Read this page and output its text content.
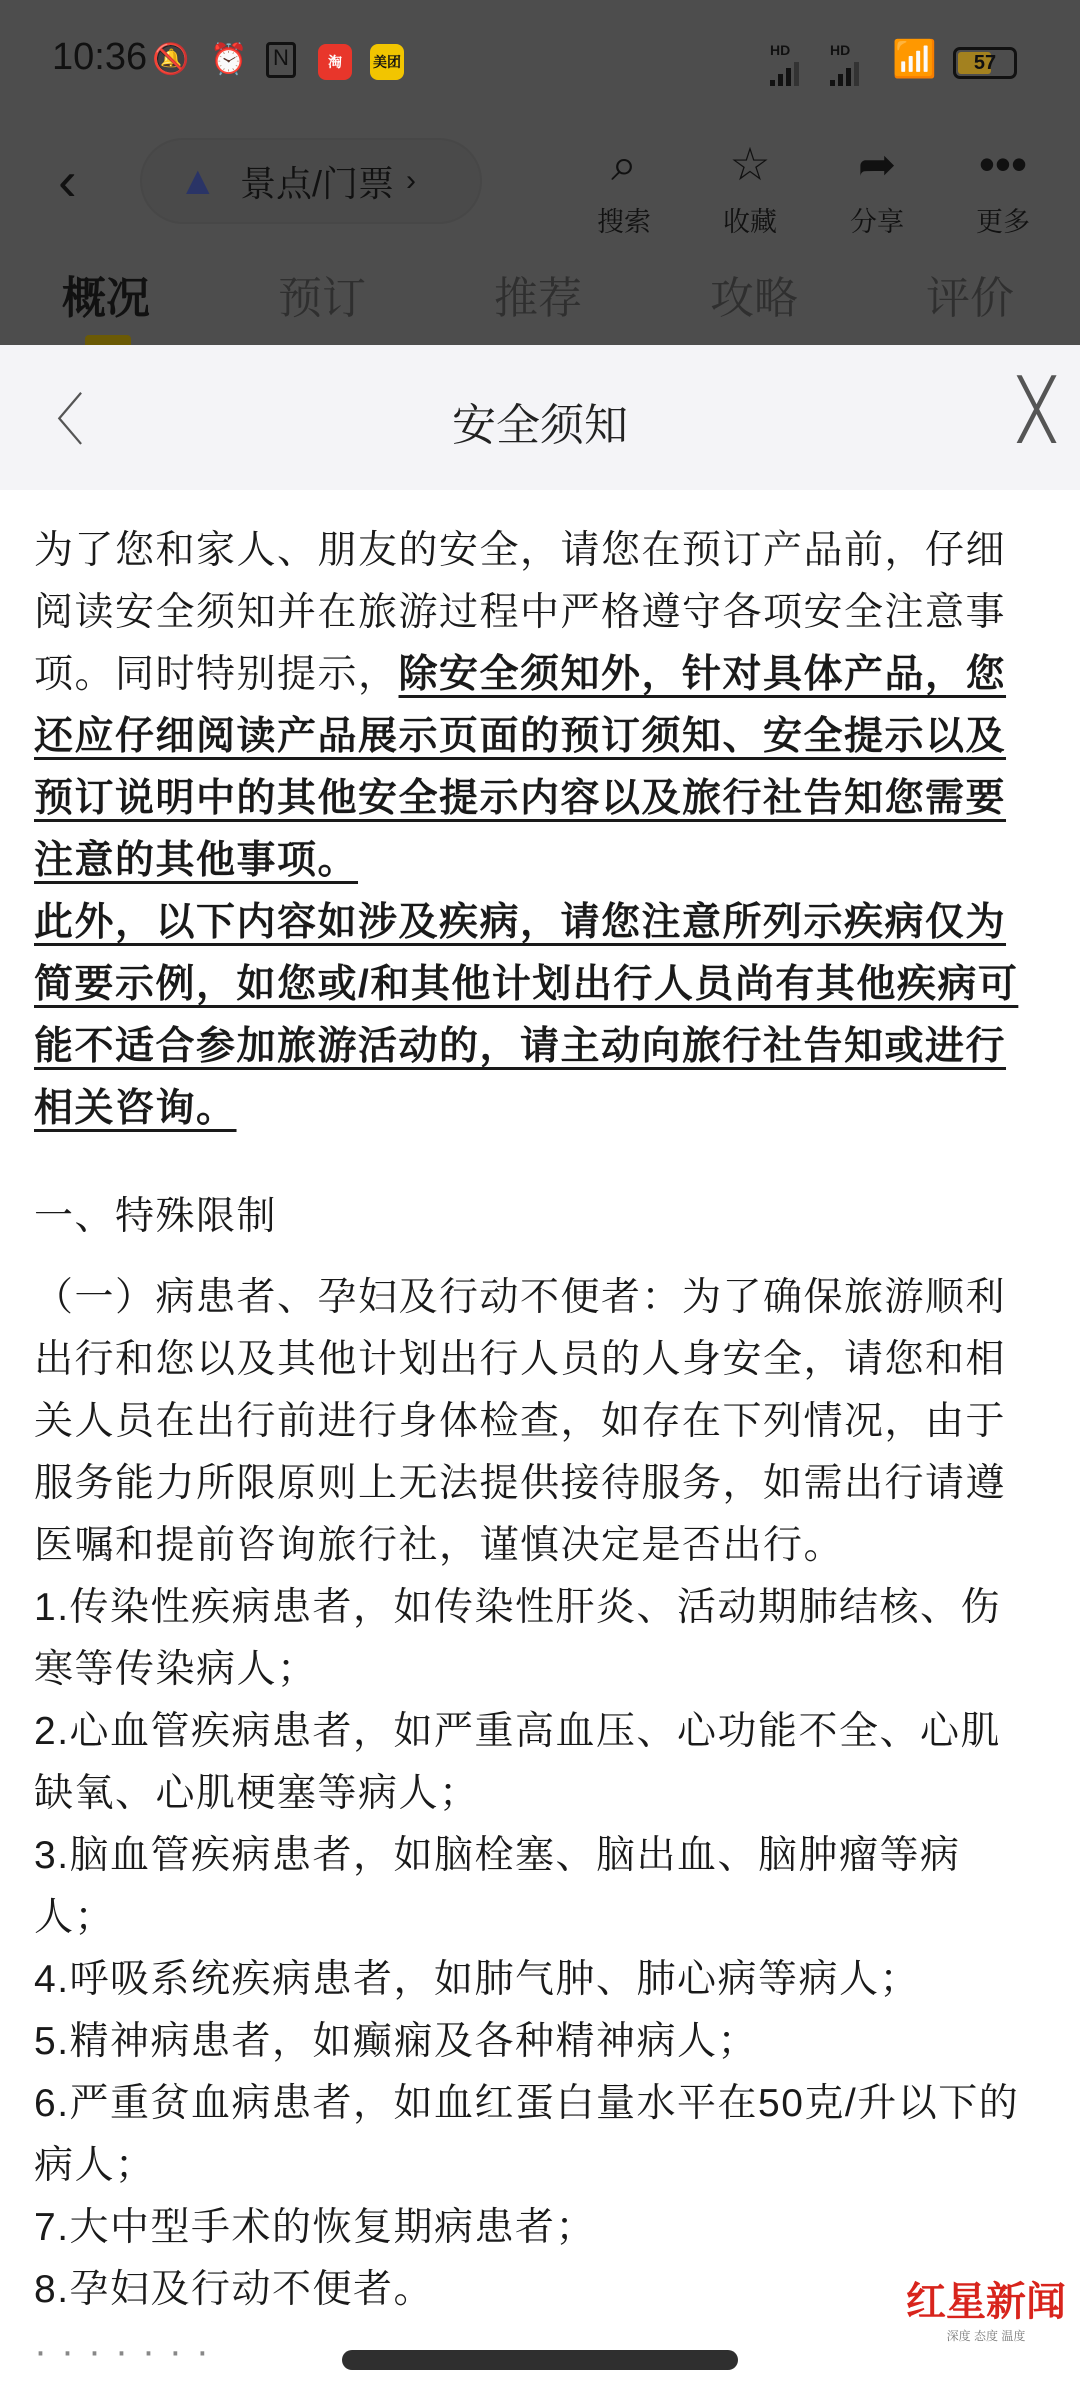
10:36 🔕 ⏰	N	淘	美团
HD	HD 📶	57
‹	▲ 景点/门票 ›	⌕
搜索
☆
收藏
➦
分享
•••
更多
概况	预订	推荐	攻略	评价
〈	安全须知	╳
为了您和家人、朋友的安全，请您在预订产品前，仔细
阅读安全须知并在旅游过程中严格遵守各项安全注意事
项。同时特别提示，除安全须知外，针对具体产品，您
还应仔细阅读产品展示页面的预订须知、安全提示以及
预订说明中的其他安全提示内容以及旅行社告知您需要
注意的其他事项。
此外，以下内容如涉及疾病，请您注意所列示疾病仅为
简要示例，如您或/和其他计划出行人员尚有其他疾病可
能不适合参加旅游活动的，请主动向旅行社告知或进行
相关咨询。
一、特殊限制
（一）病患者、孕妇及行动不便者：为了确保旅游顺利
出行和您以及其他计划出行人员的人身安全，请您和相
关人员在出行前进行身体检查，如存在下列情况，由于
服务能力所限原则上无法提供接待服务，如需出行请遵
医嘱和提前咨询旅行社，谨慎决定是否出行。
1.传染性疾病患者，如传染性肝炎、活动期肺结核、伤
寒等传染病人；
2.心血管疾病患者，如严重高血压、心功能不全、心肌
缺氧、心肌梗塞等病人；
3.脑血管疾病患者，如脑栓塞、脑出血、脑肿瘤等病
人；
4.呼吸系统疾病患者，如肺气肿、肺心病等病人；
5.精神病患者，如癫痫及各种精神病人；
6.严重贫血病患者，如血红蛋白量水平在50克/升以下的
病人；
7.大中型手术的恢复期病患者；
8.孕妇及行动不便者。
·······
红星新闻
深度 态度 温度
